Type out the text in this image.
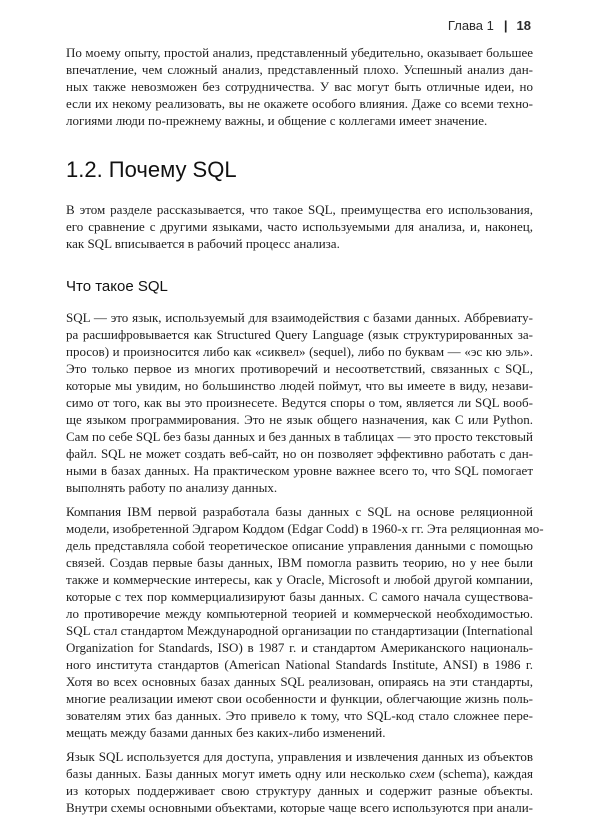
Глава 1 | 18

По моему опыту, простой анализ, представленный убедительно, оказывает большее
впечатление, чем сложный анализ, представленный плохо. Успешный анализ дан-
ных также невозможен без сотрудничества. У вас могут быть отличные идеи, но
если их некому реализовать, вы не окажете особого влияния. Даже со всеми техно-
логиями люди по-прежнему важны, и общение с коллегами имеет значение.

1.2. Почему SQL

В этом разделе рассказывается, что такое SQL, преимущества его использования,
его сравнение с другими языками, часто используемыми для анализа, и, наконец,
как SQL вписывается в рабочий процесс анализа.

Что такое SQL

SQL — это язык, используемый для взаимодействия с базами данных. Аббревиату-
ра расшифровывается как Structured Query Language (язык структурированных за-
просов) и произносится либо как «сиквел» (sequel), либо по буквам — «эс кю эль».
Это только первое из многих противоречий и несоответствий, связанных с SQL,
которые мы увидим, но большинство людей поймут, что вы имеете в виду, незави-
симо от того, как вы это произнесете. Ведутся споры о том, является ли SQL вооб-
ще языком программирования. Это не язык общего назначения, как C или Python.
Сам по себе SQL без базы данных и без данных в таблицах — это просто текстовый
файл. SQL не может создать веб-сайт, но он позволяет эффективно работать с дан-
ными в базах данных. На практическом уровне важнее всего то, что SQL помогает
выполнять работу по анализу данных.

Компания IBM первой разработала базы данных с SQL на основе реляционной
модели, изобретенной Эдгаром Коддом (Edgar Codd) в 1960-х гг. Эта реляционная мо-
дель представляла собой теоретическое описание управления данными с помощью
связей. Создав первые базы данных, IBM помогла развить теорию, но у нее были
также и коммерческие интересы, как у Oracle, Microsoft и любой другой компании,
которые с тех пор коммерциализируют базы данных. С самого начала существова-
ло противоречие между компьютерной теорией и коммерческой необходимостью.
SQL стал стандартом Международной организации по стандартизации (International
Organization for Standards, ISO) в 1987 г. и стандартом Американского националь-
ного института стандартов (American National Standards Institute, ANSI) в 1986 г.
Хотя во всех основных базах данных SQL реализован, опираясь на эти стандарты,
многие реализации имеют свои особенности и функции, облегчающие жизнь поль-
зователям этих баз данных. Это привело к тому, что SQL-код стало сложнее пере-
мещать между базами данных без каких-либо изменений.

Язык SQL используется для доступа, управления и извлечения данных из объектов
базы данных. Базы данных могут иметь одну или несколько схем (schema), каждая
из которых поддерживает свою структуру данных и содержит разные объекты.
Внутри схемы основными объектами, которые чаще всего используются при анали-
